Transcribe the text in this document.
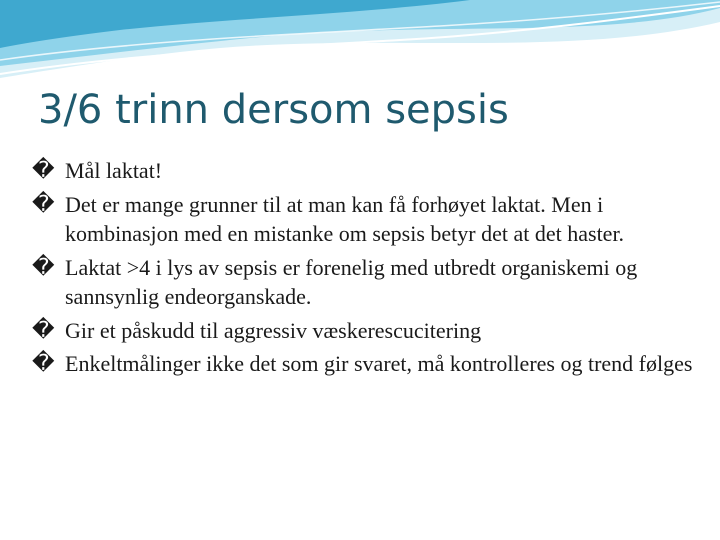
3/6 trinn dersom sepsis
� Mål laktat!
� Det er mange grunner til at man kan få forhøyet laktat. Men i kombinasjon med en mistanke om sepsis betyr det at det haster.
� Laktat >4 i lys av sepsis er forenelig med utbredt organiskemi og sannsynlig endeorganskade.
� Gir et påskudd til aggressiv væskerescucitering
� Enkeltmålinger ikke det som gir svaret, må kontrolleres og trend følges
